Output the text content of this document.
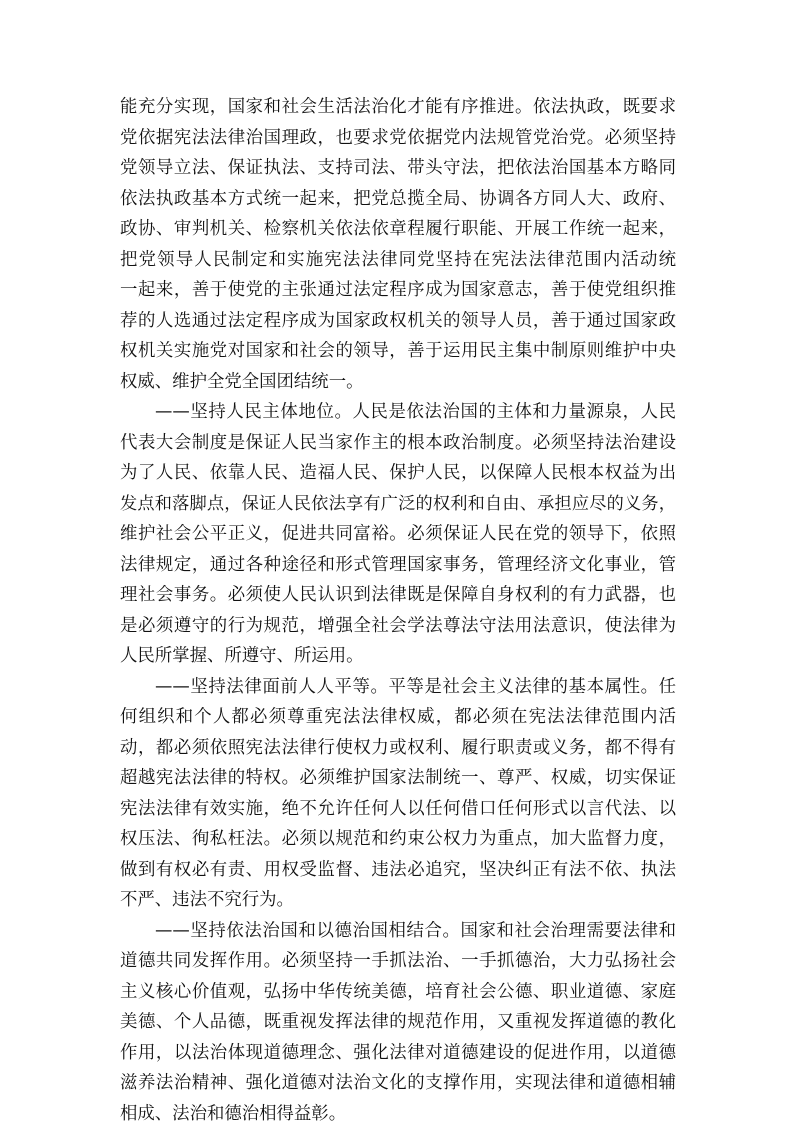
能充分实现，国家和社会生活法治化才能有序推进。依法执政，既要求
党依据宪法法律治国理政，也要求党依据党内法规管党治党。必须坚持
党领导立法、保证执法、支持司法、带头守法，把依法治国基本方略同
依法执政基本方式统一起来，把党总揽全局、协调各方同人大、政府、
政协、审判机关、检察机关依法依章程履行职能、开展工作统一起来，
把党领导人民制定和实施宪法法律同党坚持在宪法法律范围内活动统
一起来，善于使党的主张通过法定程序成为国家意志，善于使党组织推
荐的人选通过法定程序成为国家政权机关的领导人员，善于通过国家政
权机关实施党对国家和社会的领导，善于运用民主集中制原则维护中央
权威、维护全党全国团结统一。
——坚持人民主体地位。人民是依法治国的主体和力量源泉，人民
代表大会制度是保证人民当家作主的根本政治制度。必须坚持法治建设
为了人民、依靠人民、造福人民、保护人民，以保障人民根本权益为出
发点和落脚点，保证人民依法享有广泛的权利和自由、承担应尽的义务，
维护社会公平正义，促进共同富裕。必须保证人民在党的领导下，依照
法律规定，通过各种途径和形式管理国家事务，管理经济文化事业，管
理社会事务。必须使人民认识到法律既是保障自身权利的有力武器，也
是必须遵守的行为规范，增强全社会学法尊法守法用法意识，使法律为
人民所掌握、所遵守、所运用。
——坚持法律面前人人平等。平等是社会主义法律的基本属性。任
何组织和个人都必须尊重宪法法律权威，都必须在宪法法律范围内活
动，都必须依照宪法法律行使权力或权利、履行职责或义务，都不得有
超越宪法法律的特权。必须维护国家法制统一、尊严、权威，切实保证
宪法法律有效实施，绝不允许任何人以任何借口任何形式以言代法、以
权压法、徇私枉法。必须以规范和约束公权力为重点，加大监督力度，
做到有权必有责、用权受监督、违法必追究，坚决纠正有法不依、执法
不严、违法不究行为。
——坚持依法治国和以德治国相结合。国家和社会治理需要法律和
道德共同发挥作用。必须坚持一手抓法治、一手抓德治，大力弘扬社会
主义核心价值观，弘扬中华传统美德，培育社会公德、职业道德、家庭
美德、个人品德，既重视发挥法律的规范作用，又重视发挥道德的教化
作用，以法治体现道德理念、强化法律对道德建设的促进作用，以道德
滋养法治精神、强化道德对法治文化的支撑作用，实现法律和道德相辅
相成、法治和德治相得益彰。
